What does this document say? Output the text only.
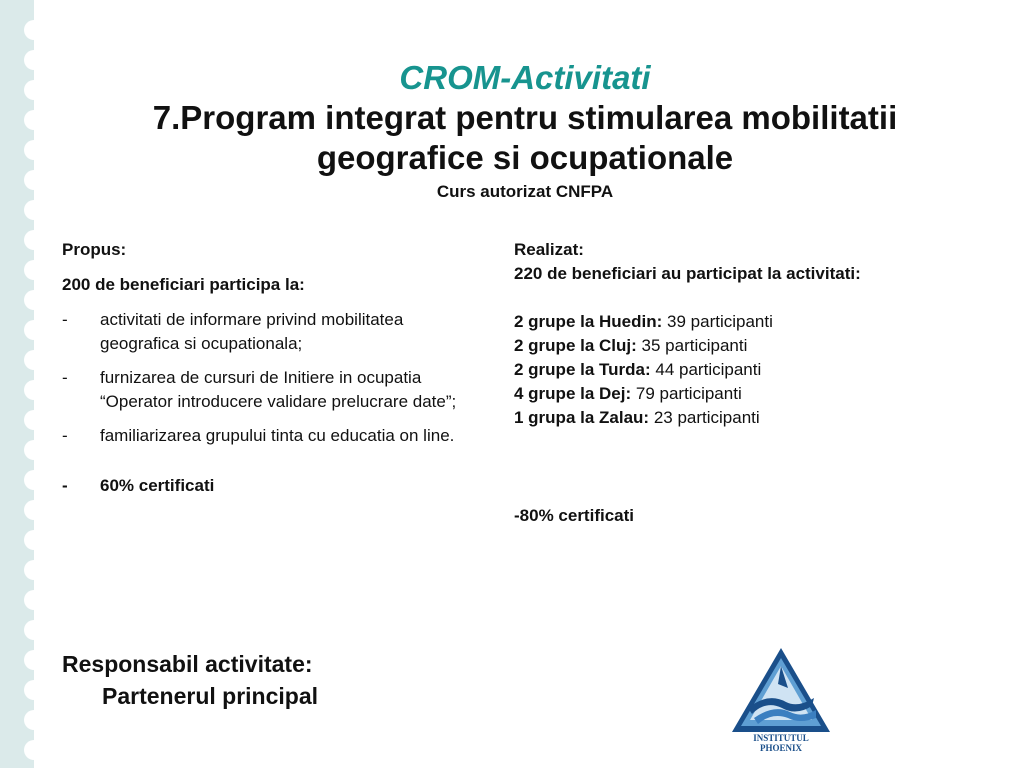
CROM-Activitati
7.Program integrat pentru stimularea mobilitatii
geografice si ocupationale
Curs autorizat CNFPA
Propus:
200 de beneficiari participa la:
- activitati de informare privind mobilitatea geografica si ocupationala;
- furnizarea de cursuri de Initiere in ocupatia “Operator introducere validare prelucrare date”;
- familiarizarea grupului tinta cu educatia on line.
- 60% certificati
Realizat:
220 de beneficiari au participat la activitati:
2 grupe la Huedin: 39 participanti
2 grupe la Cluj: 35 participanti
2 grupe la Turda: 44 participanti
4 grupe la Dej: 79 participanti
1 grupa la Zalau: 23 participanti
-80% certificati
Responsabil activitate:
Partenerul principal
INSTITUTUL
PHOENIX
